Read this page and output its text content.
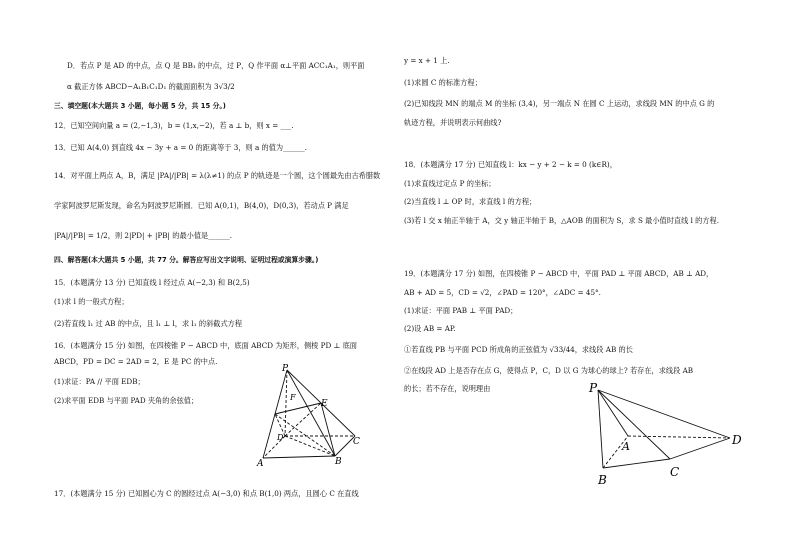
D．若点 P 是 AD 的中点，点 Q 是 BB₁ 的中点，过 P，Q 作平面 α⊥平面 ACC₁A₁，则平面
α 截正方体 ABCD−A₁B₁C₁D₁ 的截面面积为 3√3/2
三、填空题(本大题共 3 小题，每小题 5 分，共 15 分。)
12．已知空间向量 a = (2,−1,3)，b = (1,x,−2)，若 a ⊥ b，则 x = ___.
13．已知 A(4,0) 到直线 4x − 3y + a = 0 的距离等于 3，则 a 的值为______.
14．对平面上两点 A，B，满足 |PA|/|PB| = λ(λ≠1) 的点 P 的轨迹是一个圆，这个圆最先由古希腊数
学家阿波罗尼斯发现，命名为阿波罗尼斯圆．已知 A(0,1)，B(4,0)，D(0,3)，若动点 P 满足
|PA|/|PB| = 1/2，则 2|PD| + |PB| 的最小值是______.
四、解答题(本大题共 5 小题，共 77 分。解答应写出文字说明、证明过程或演算步骤。)
15．(本题满分 13 分) 已知直线 l 经过点 A(−2,3) 和 B(2,5)
(1)求 l 的一般式方程；
(2)若直线 l₁ 过 AB 的中点，且 l₁ ⊥ l，求 l₁ 的斜截式方程
16．(本题满分 15 分) 如图，在四棱锥 P − ABCD 中，底面 ABCD 为矩形，侧棱 PD ⊥ 底面
ABCD，PD = DC = 2AD = 2，E 是 PC 的中点.
(1)求证：PA // 平面 EDB；
(2)求平面 EDB 与平面 PAD 夹角的余弦值；
17．(本题满分 15 分) 已知圆心为 C 的圆经过点 A(−3,0) 和点 B(1,0) 两点，且圆心 C 在直线
P
F
E
D	C
A	B
y = x + 1 上.
(1)求圆 C 的标准方程；
(2)已知线段 MN 的端点 M 的坐标 (3,4)，另一端点 N 在圆 C 上运动，求线段 MN 的中点 G 的
轨迹方程，并说明表示何曲线?
18．(本题满分 17 分) 已知直线 l：kx − y + 2 − k = 0 (k∈R)，
(1)求直线过定点 P 的坐标；
(2)当直线 l ⊥ OP 时，求直线 l 的方程；
(3)若 l 交 x 轴正半轴于 A，交 y 轴正半轴于 B，△AOB 的面积为 S，求 S 最小值时直线 l 的方程.
19．(本题满分 17 分) 如图，在四棱锥 P − ABCD 中，平面 PAD ⊥ 平面 ABCD，AB ⊥ AD，
AB + AD = 5，CD = √2，∠PAD = 120°，∠ADC = 45°.
(1)求证：平面 PAB ⊥ 平面 PAD；
(2)设 AB = AP.
①若直线 PB 与平面 PCD 所成角的正弦值为 √33/44，求线段 AB 的长
②在线段 AD 上是否存在点 G，使得点 P，C，D 以 G 为球心的球上? 若存在，求线段 AB
的长；若不存在，说明理由	P
A	D
B
C
